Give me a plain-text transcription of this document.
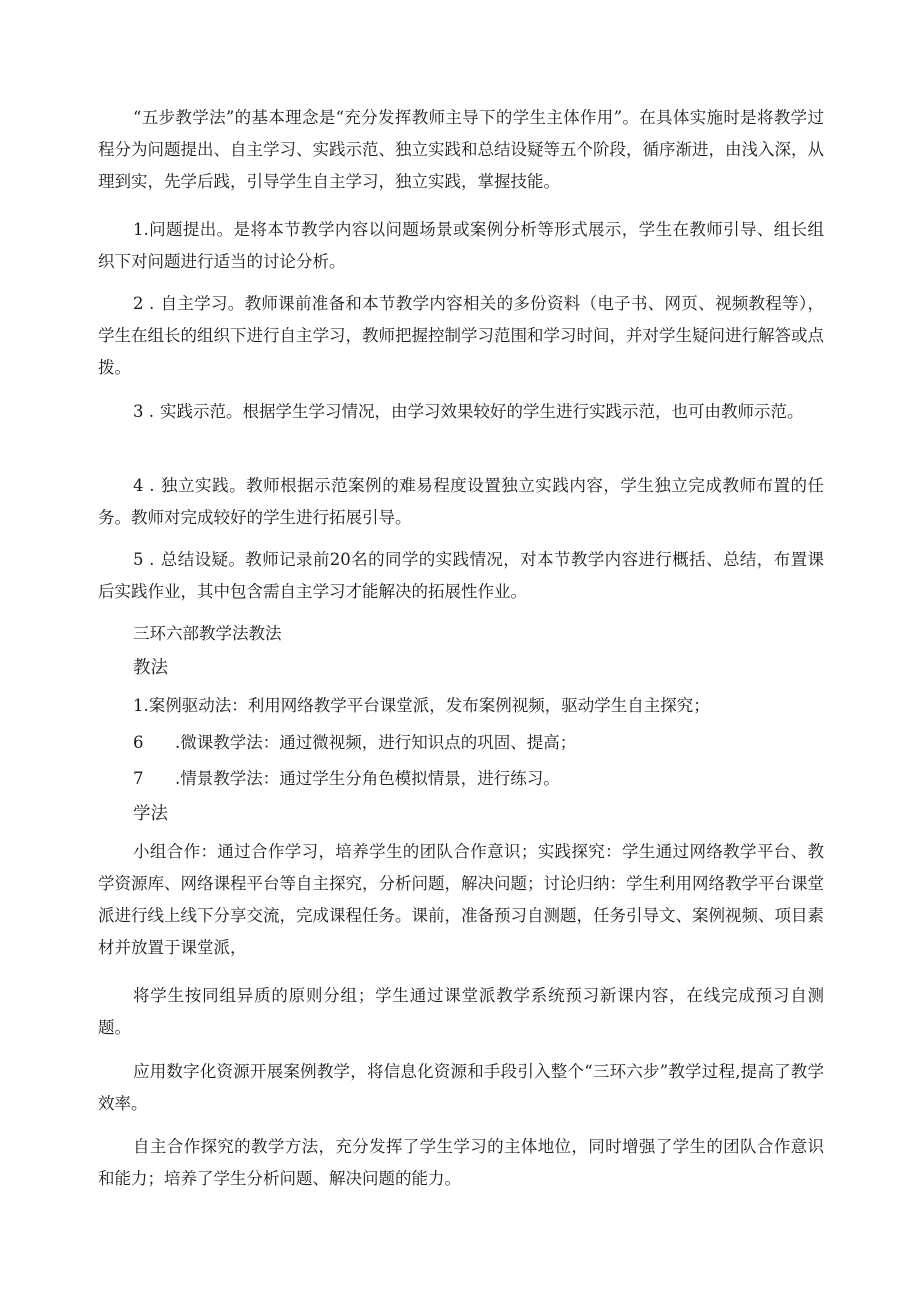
“五步教学法”的基本理念是“充分发挥教师主导下的学生主体作用”。在具体实施时是将教学过程分为问题提出、自主学习、实践示范、独立实践和总结设疑等五个阶段，循序渐进，由浅入深，从理到实，先学后践，引导学生自主学习，独立实践，掌握技能。

1.问题提出。是将本节教学内容以问题场景或案例分析等形式展示，学生在教师引导、组长组织下对问题进行适当的讨论分析。

2 . 自主学习。教师课前准备和本节教学内容相关的多份资料（电子书、网页、视频教程等），学生在组长的组织下进行自主学习，教师把握控制学习范围和学习时间，并对学生疑问进行解答或点拨。

3 . 实践示范。根据学生学习情况，由学习效果较好的学生进行实践示范，也可由教师示范。

4 . 独立实践。教师根据示范案例的难易程度设置独立实践内容，学生独立完成教师布置的任务。教师对完成较好的学生进行拓展引导。

5 . 总结设疑。教师记录前20名的同学的实践情况，对本节教学内容进行概括、总结，布置课后实践作业，其中包含需自主学习才能解决的拓展性作业。

三环六部教学法教法

教法

1.案例驱动法：利用网络教学平台课堂派，发布案例视频，驱动学生自主探究；

6 .微课教学法：通过微视频，进行知识点的巩固、提高；

7 .情景教学法：通过学生分角色模拟情景，进行练习。

学法

小组合作：通过合作学习，培养学生的团队合作意识；实践探究：学生通过网络教学平台、教学资源库、网络课程平台等自主探究，分析问题，解决问题；讨论归纳：学生利用网络教学平台课堂派进行线上线下分享交流，完成课程任务。课前，准备预习自测题，任务引导文、案例视频、项目素材并放置于课堂派，

将学生按同组异质的原则分组；学生通过课堂派教学系统预习新课内容，在线完成预习自测题。

应用数字化资源开展案例教学，将信息化资源和手段引入整个“三环六步”教学过程,提高了教学效率。

自主合作探究的教学方法，充分发挥了学生学习的主体地位，同时增强了学生的团队合作意识和能力；培养了学生分析问题、解决问题的能力。
